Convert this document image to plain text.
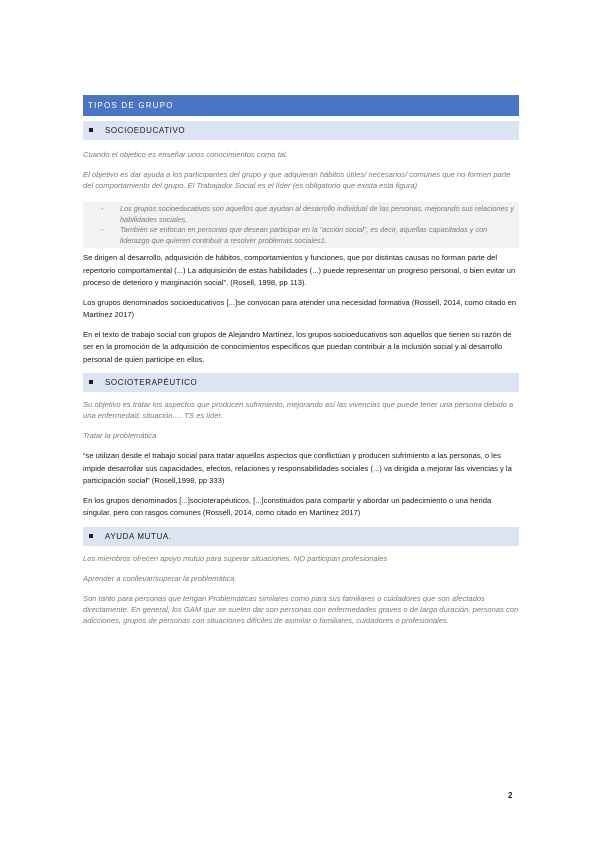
TIPOS DE GRUPO
SOCIOEDUCATIVO

Cuando el objetico es enseñar unos conocimientos como tal.

El objetivo es dar ayuda a los participantes del grupo y que adquieran hábitos útiles/ necesarios/ comunes que no formen parte del comportamiento del grupo. El Trabajador Social es el líder (es obligatorio que exista esta figura)

- Los grupos socioeducativos son aquellos que ayudan al desarrollo individual de las personas, mejorando sus relaciones y habilidades sociales.
- También se enfocan en personas que desean participar en la “acción social”, es decir, aquellas capacitadas y con liderazgo que quieren contribuir a resolver problemas sociales1.

Se dirigen al desarrollo, adquisición de hábitos, comportamientos y funciones, que por distintas causas no forman parte del repertorio comportamental (...) La adquisición de estas habilidades (...) puede representar un progreso personal, o bien evitar un proceso de deterioro y marginación social”. (Rosell, 1998, pp 113).

Los grupos denominados socioeducativos [...]se convocan para atender una necesidad formativa (Rossell, 2014, como citado en Martínez 2017)

En el texto de trabajo social con grupos de Alejandro Martínez, los grupos socioeducativos son aquellos que tienen su razón de ser en la promoción de la adquisición de conocimientos específicos que puedan contribuir a la inclusión social y al desarrollo personal de quien participe en ellos.

SOCIOTERAPÉUTICO

Su objetivo es tratar los aspectos que producen sufrimiento, mejorando así las vivencias que puede tener una persona debido a una enfermedad, situación…. TS es líder.

Tratar la problemática

“se utilizan desde el trabajo social para tratar aquellos aspectos que conflictúan y producen sufrimiento a las personas, o les impide desarrollar sus capacidades, efectos, relaciones y responsabilidades sociales (...) va dirigida a mejorar las vivencias y la participación social” (Rosell,1998, pp 333)

En los grupos denominados [...]socioterapéuticos, [...]constituidos para compartir y abordar un padecimiento o una herida singular, pero con rasgos comunes (Rossell, 2014, como citado en Martínez 2017)

AYUDA MUTUA.

Los miembros ofrecen apoyo mutuo para superar situaciones. NO participan profesionales

Aprender a conllevar/superar la problemática.

Son tanto para personas que tengan Problemáticas similares como para sus familiares o cuidadores que son afectados directamente. En general, los GAM que se suelen dar son personas con enfermedades graves o de larga duración, personas con adicciones, grupos de personas con situaciones difíciles de asimilar o familiares, cuidadores o profesionales.

2
